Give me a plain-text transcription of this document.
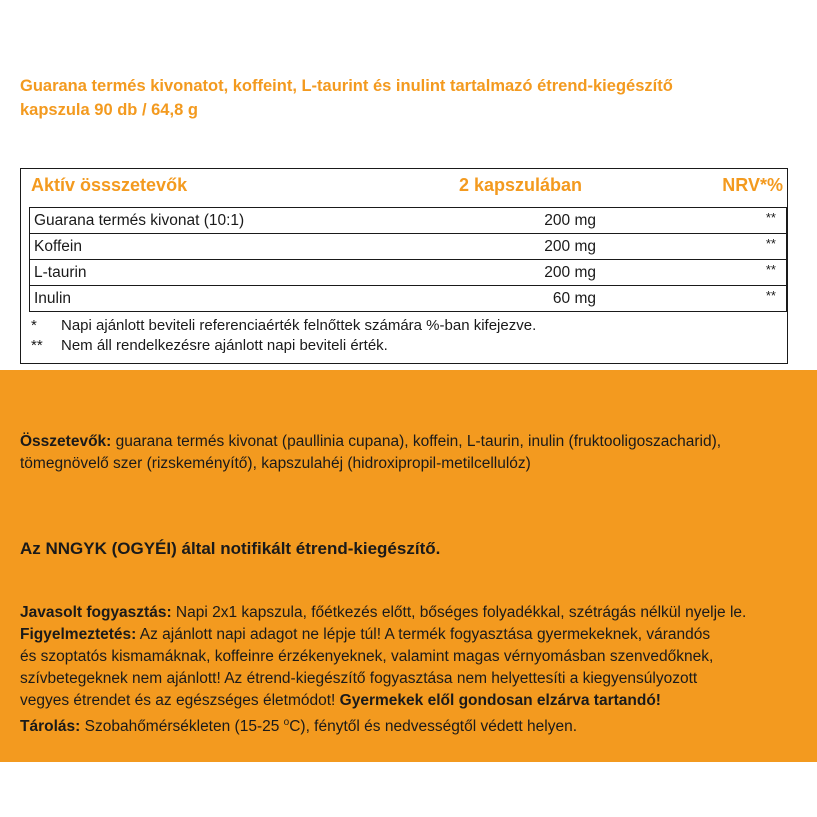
Guarana termés kivonatot, koffeint, L-taurint és inulint tartalmazó étrend-kiegészítő
kapszula 90 db / 64,8 g
Aktív össszetevők	2 kapszulában	NRV*%
Guarana termés kivonat (10:1)	200 mg	**
Koffein	200 mg	**
L-taurin	200 mg	**
Inulin	60 mg	**
* Napi ajánlott beviteli referenciaérték felnőttek számára %-ban kifejezve.
** Nem áll rendelkezésre ajánlott napi beviteli érték.
Összetevők: guarana termés kivonat (paullinia cupana), koffein, L-taurin, inulin (fruktooligoszacharid),
tömegnövelő szer (rizskeményítő), kapszulahéj (hidroxipropil-metilcellulóz)
Az NNGYK (OGYÉI) által notifikált étrend-kiegészítő.
Javasolt fogyasztás: Napi 2x1 kapszula, főétkezés előtt, bőséges folyadékkal, szétrágás nélkül nyelje le.
Figyelmeztetés: Az ajánlott napi adagot ne lépje túl! A termék fogyasztása gyermekeknek, várandós
és szoptatós kismamáknak, koffeinre érzékenyeknek, valamint magas vérnyomásban szenvedőknek,
szívbetegeknek nem ajánlott! Az étrend-kiegészítő fogyasztása nem helyettesíti a kiegyensúlyozott
vegyes étrendet és az egészséges életmódot! Gyermekek elől gondosan elzárva tartandó!
Tárolás: Szobahőmérsékleten (15-25 $^o$C), fénytől és nedvességtől védett helyen.
